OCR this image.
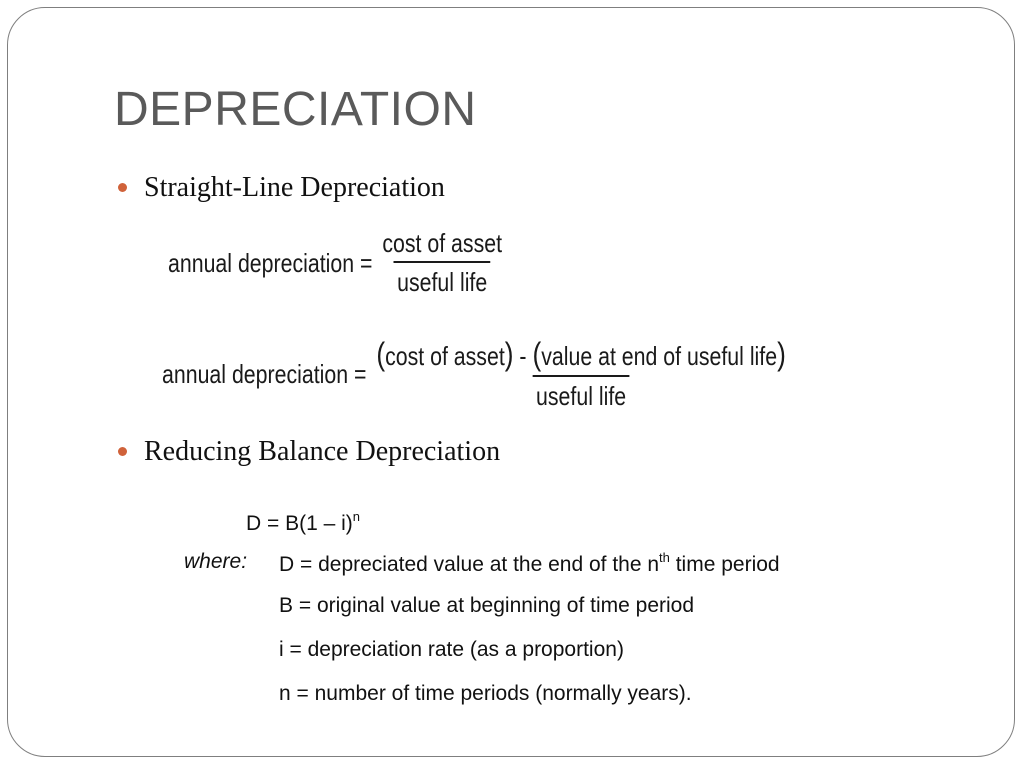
DEPRECIATION
Straight-Line Depreciation
annual depreciation = $\frac{\text{cost of asset}}{\text{useful life}}$
annual depreciation = $\frac{\text{(cost of asset) - (value at end of useful life)}}{\text{useful life}}$
Reducing Balance Depreciation
D = B(1 – i)$^n$
where: D = depreciated value at the end of the $n^{th}$ time period
B = original value at beginning of time period
i = depreciation rate (as a proportion)
n = number of time periods (normally years).
